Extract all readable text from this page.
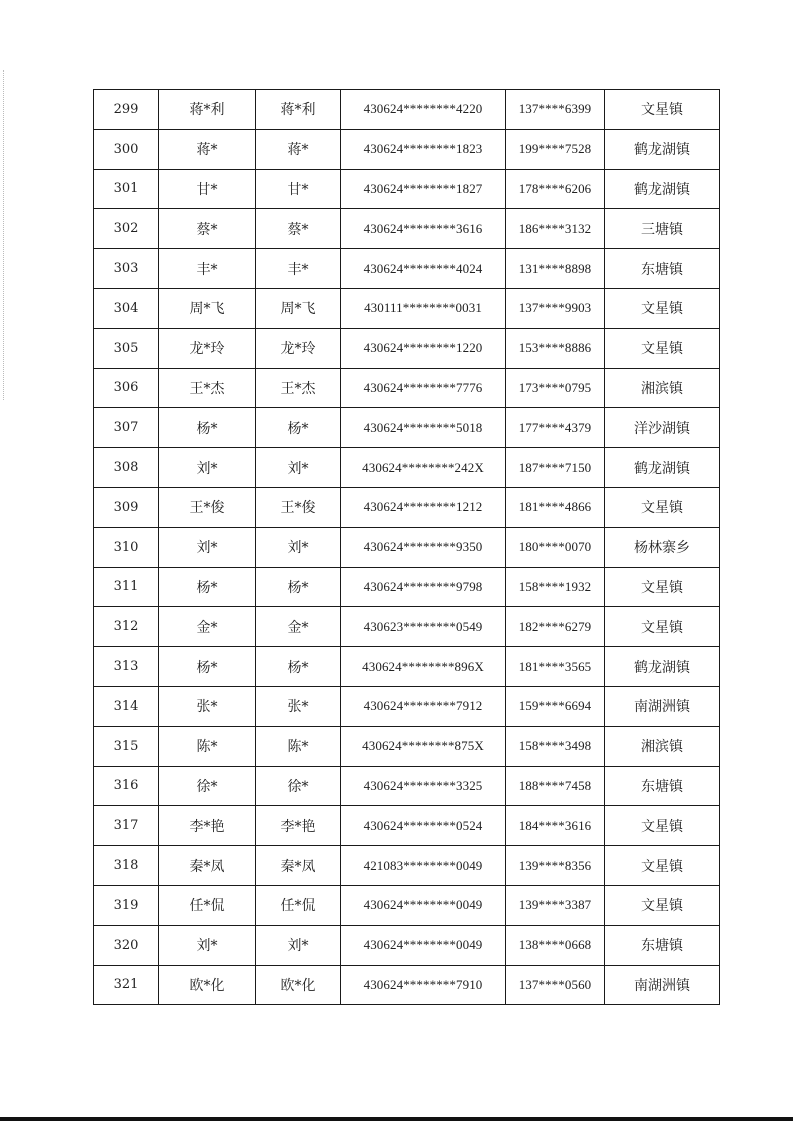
299	蒋*利	蒋*利	430624********4220	137****6399	文星镇
300	蒋*	蒋*	430624********1823	199****7528	鹤龙湖镇
301	甘*	甘*	430624********1827	178****6206	鹤龙湖镇
302	蔡*	蔡*	430624********3616	186****3132	三塘镇
303	丰*	丰*	430624********4024	131****8898	东塘镇
304	周*飞	周*飞	430111********0031	137****9903	文星镇
305	龙*玲	龙*玲	430624********1220	153****8886	文星镇
306	王*杰	王*杰	430624********7776	173****0795	湘滨镇
307	杨*	杨*	430624********5018	177****4379	洋沙湖镇
308	刘*	刘*	430624********242X	187****7150	鹤龙湖镇
309	王*俊	王*俊	430624********1212	181****4866	文星镇
310	刘*	刘*	430624********9350	180****0070	杨林寨乡
311	杨*	杨*	430624********9798	158****1932	文星镇
312	金*	金*	430623********0549	182****6279	文星镇
313	杨*	杨*	430624********896X	181****3565	鹤龙湖镇
314	张*	张*	430624********7912	159****6694	南湖洲镇
315	陈*	陈*	430624********875X	158****3498	湘滨镇
316	徐*	徐*	430624********3325	188****7458	东塘镇
317	李*艳	李*艳	430624********0524	184****3616	文星镇
318	秦*凤	秦*凤	421083********0049	139****8356	文星镇
319	任*侃	任*侃	430624********0049	139****3387	文星镇
320	刘*	刘*	430624********0049	138****0668	东塘镇
321	欧*化	欧*化	430624********7910	137****0560	南湖洲镇
